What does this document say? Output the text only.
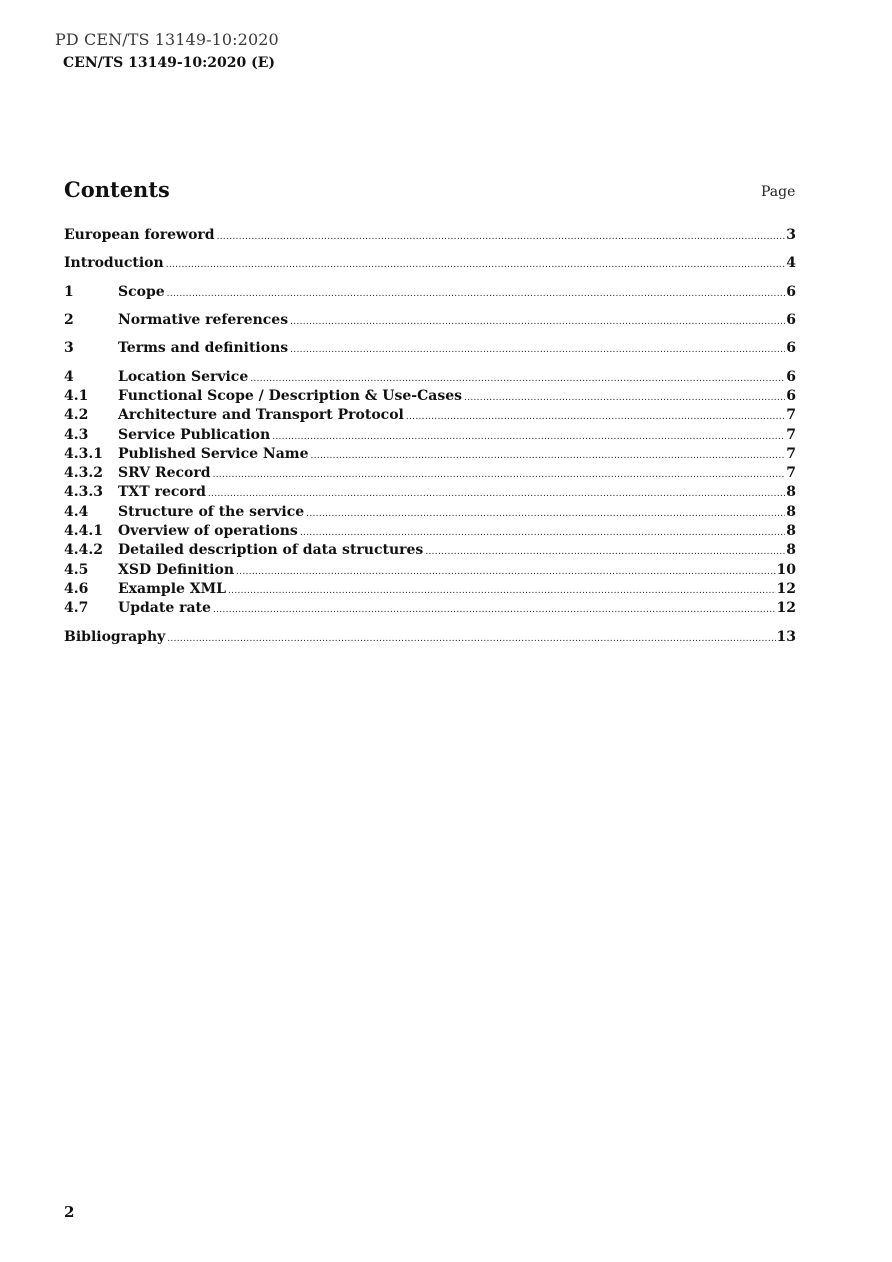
PD CEN/TS 13149-10:2020
CEN/TS 13149-10:2020 (E)
Contents	Page
European foreword .....	3
Introduction .....	4
1	Scope .....	6
2	Normative references .....	6
3	Terms and definitions .....	6
4	Location Service .....	6
4.1	Functional Scope / Description & Use-Cases .....	6
4.2	Architecture and Transport Protocol .....	7
4.3	Service Publication .....	7
4.3.1	Published Service Name .....	7
4.3.2	SRV Record .....	7
4.3.3	TXT record .....	8
4.4	Structure of the service .....	8
4.4.1	Overview of operations .....	8
4.4.2	Detailed description of data structures .....	8
4.5	XSD Definition .....	10
4.6	Example XML .....	12
4.7	Update rate .....	12
Bibliography .....	13
2
